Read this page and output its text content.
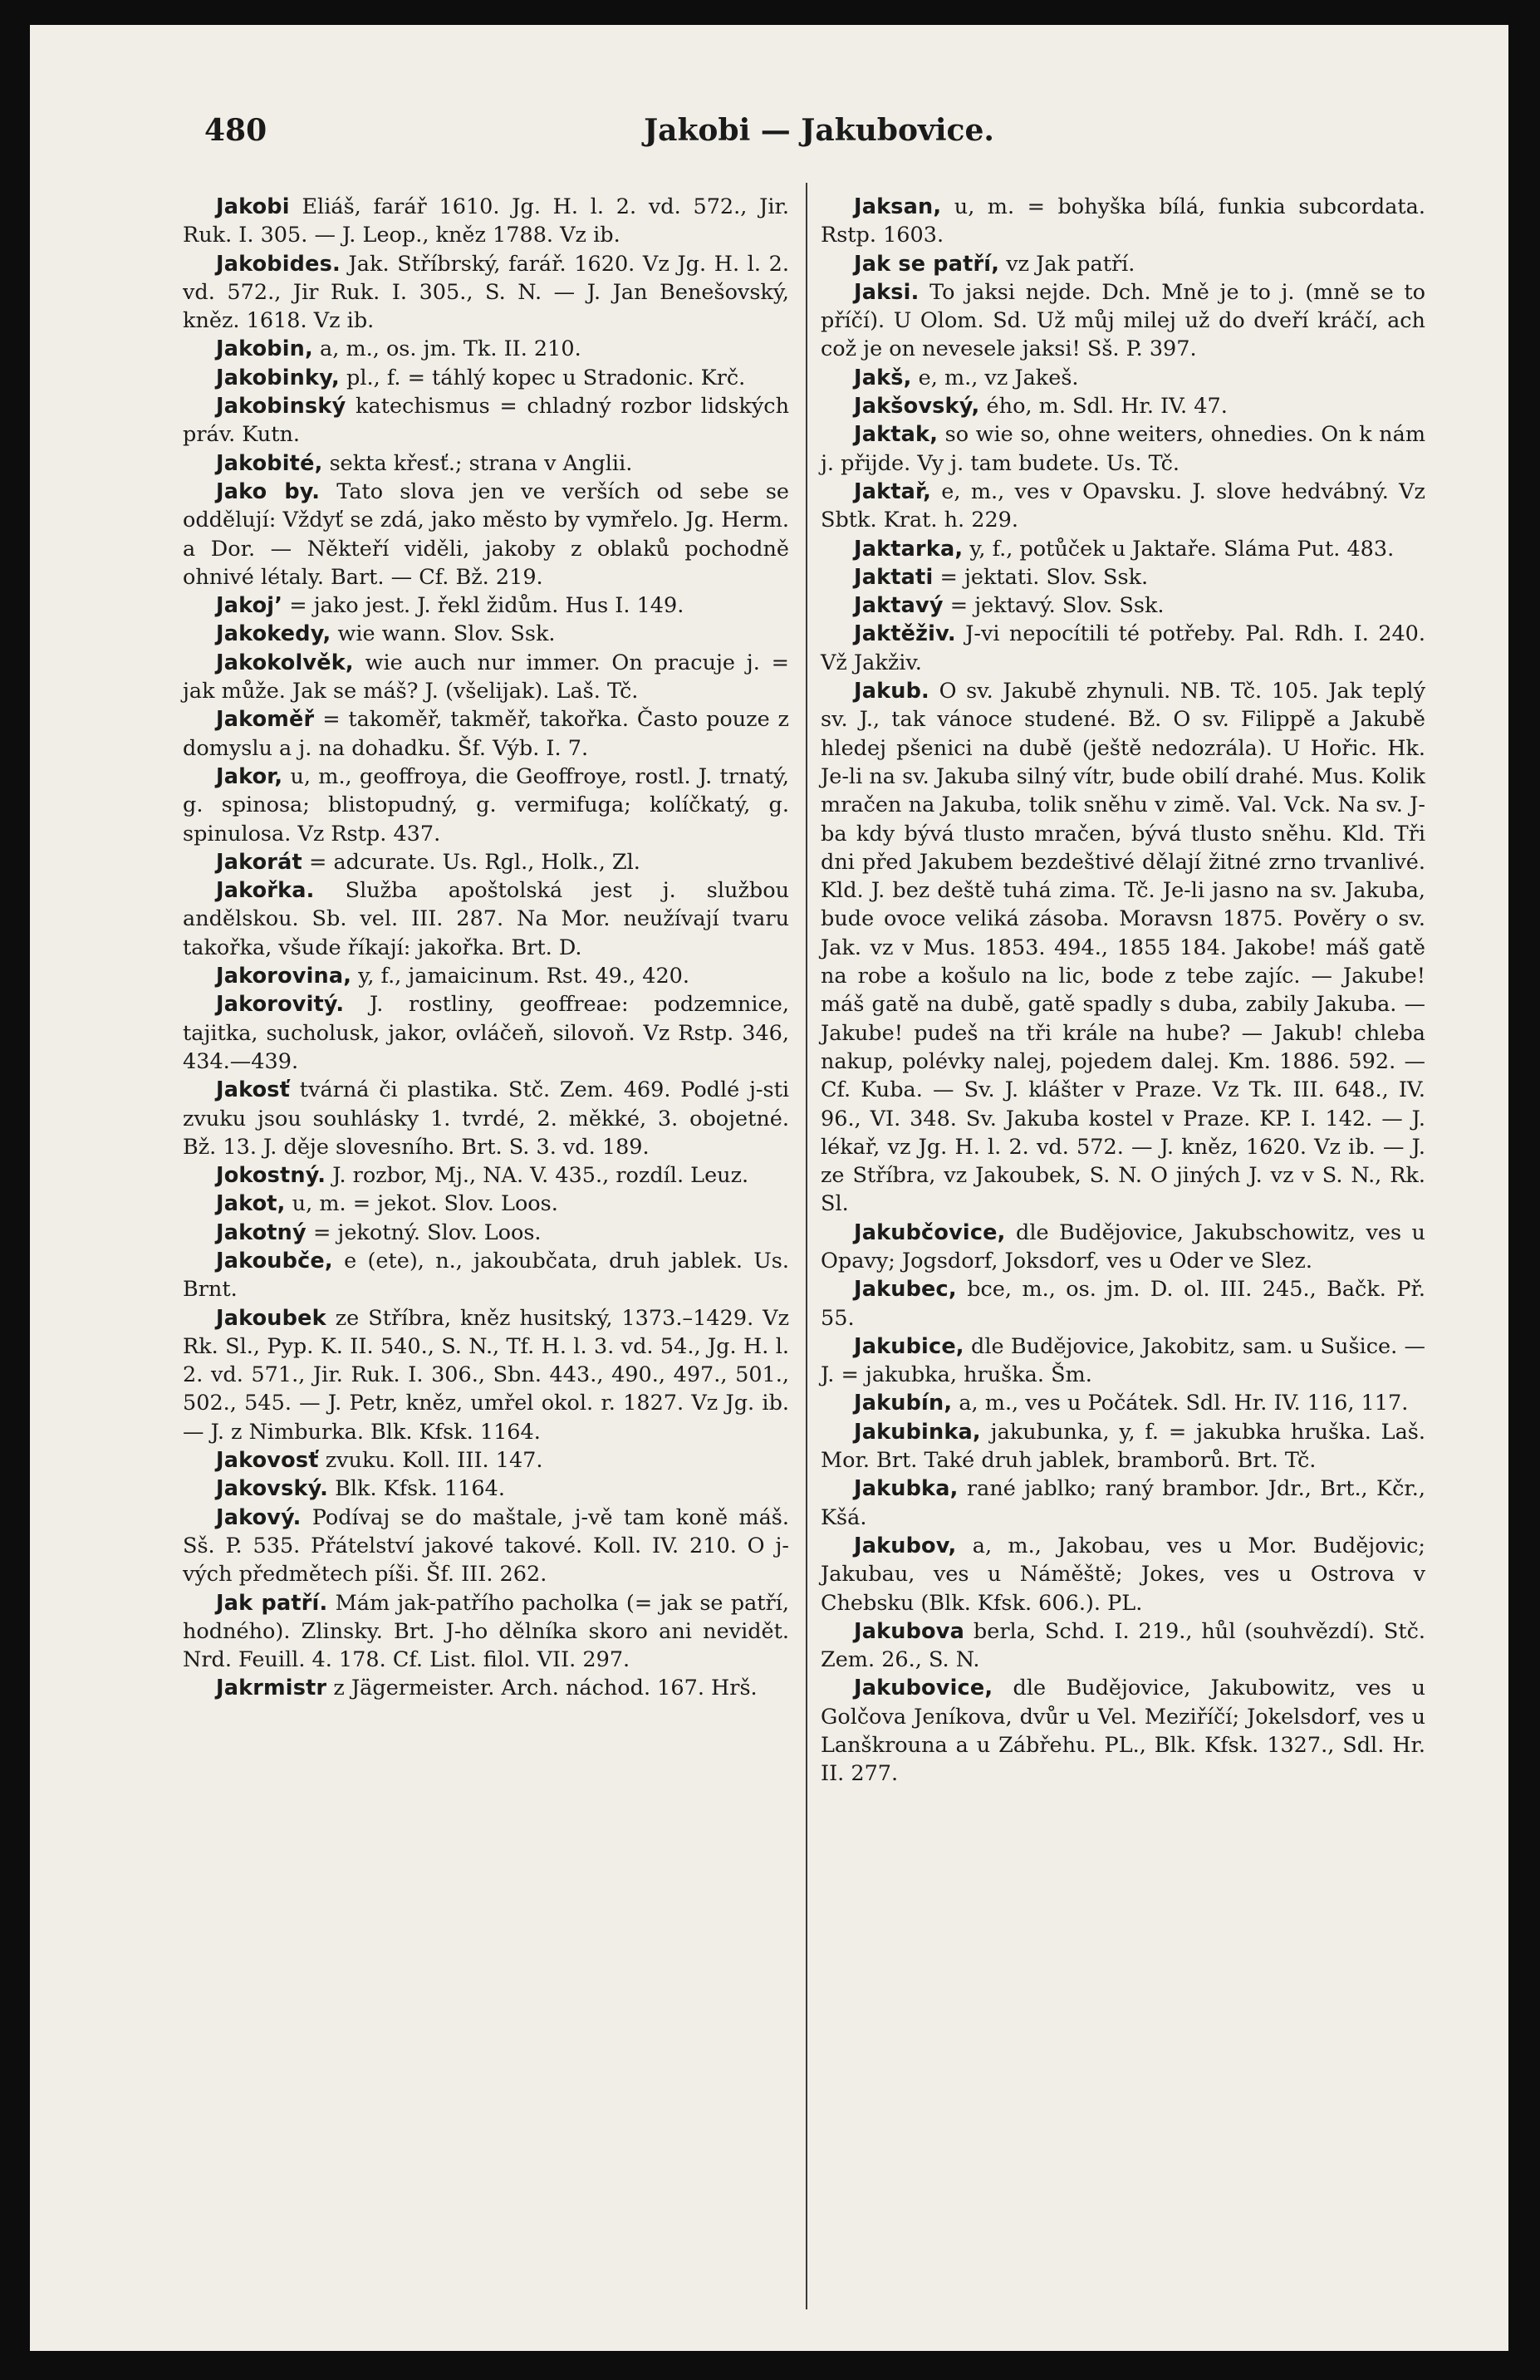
480	Jakobi — Jakubovice.

Jakobi Eliáš, farář 1610. Jg. H. l. 2. vd. 572., Jir. Ruk. I. 305. — J. Leop., kněz 1788. Vz ib.

Jakobides. Jak. Stříbrský, farář. 1620. Vz Jg. H. l. 2. vd. 572., Jir Ruk. I. 305., S. N. — J. Jan Benešovský, kněz. 1618. Vz ib.

Jakobin, a, m., os. jm. Tk. II. 210.

Jakobinky, pl., f. = táhlý kopec u Stradonic. Krč.

Jakobinský katechismus = chladný rozbor lidských práv. Kutn.

Jakobité, sekta křesť.; strana v Anglii.

Jako by. Tato slova jen ve verších od sebe se oddělují: Vždyť se zdá, jako město by vymřelo. Jg. Herm. a Dor. — Někteří viděli, jakoby z oblaků pochodně ohnivé létaly. Bart. — Cf. Bž. 219.

Jakoj’ = jako jest. J. řekl židům. Hus I. 149.

Jakokedy, wie wann. Slov. Ssk.

Jakokolvěk, wie auch nur immer. On pracuje j. = jak může. Jak se máš? J. (všelijak). Laš. Tč.

Jakoměř = takoměř, takměř, takořka. Často pouze z domyslu a j. na dohadku. Šf. Výb. I. 7.

Jakor, u, m., geoffroya, die Geoffroye, rostl. J. trnatý, g. spinosa; blistopudný, g. vermifuga; kolíčkatý, g. spinulosa. Vz Rstp. 437.

Jakorát = adcurate. Us. Rgl., Holk., Zl.

Jakořka. Služba apoštolská jest j. službou andělskou. Sb. vel. III. 287. Na Mor. neužívají tvaru takořka, všude říkají: jakořka. Brt. D.

Jakorovina, y, f., jamaicinum. Rst. 49., 420.

Jakorovitý. J. rostliny, geoffreae: podzemnice, tajitka, sucholusk, jakor, ovláčeň, silovoň. Vz Rstp. 346, 434.—439.

Jakosť tvárná či plastika. Stč. Zem. 469. Podlé j-sti zvuku jsou souhlásky 1. tvrdé, 2. měkké, 3. obojetné. Bž. 13. J. děje slovesního. Brt. S. 3. vd. 189.

Jokostný. J. rozbor, Mj., NA. V. 435., rozdíl. Leuz.

Jakot, u, m. = jekot. Slov. Loos.

Jakotný = jekotný. Slov. Loos.

Jakoubče, e (ete), n., jakoubčata, druh jablek. Us. Brnt.

Jakoubek ze Stříbra, kněz husitský, 1373.–1429. Vz Rk. Sl., Pyp. K. II. 540., S. N., Tf. H. l. 3. vd. 54., Jg. H. l. 2. vd. 571., Jir. Ruk. I. 306., Sbn. 443., 490., 497., 501., 502., 545. — J. Petr, kněz, umřel okol. r. 1827. Vz Jg. ib. — J. z Nimburka. Blk. Kfsk. 1164.

Jakovosť zvuku. Koll. III. 147.

Jakovský. Blk. Kfsk. 1164.

Jakový. Podívaj se do maštale, j-vě tam koně máš. Sš. P. 535. Přátelství jakové takové. Koll. IV. 210. O j-vých předmětech píši. Šf. III. 262.

Jak patří. Mám jak-patřího pacholka (= jak se patří, hodného). Zlinsky. Brt. J-ho dělníka skoro ani nevidět. Nrd. Feuill. 4. 178. Cf. List. filol. VII. 297.

Jakrmistr z Jägermeister. Arch. náchod. 167. Hrš.

Jaksan, u, m. = bohyška bílá, funkia subcordata. Rstp. 1603.

Jak se patří, vz Jak patří.

Jaksi. To jaksi nejde. Dch. Mně je to j. (mně se to příčí). U Olom. Sd. Už můj milej už do dveří kráčí, ach což je on nevesele jaksi! Sš. P. 397.

Jakš, e, m., vz Jakeš.

Jakšovský, ého, m. Sdl. Hr. IV. 47.

Jaktak, so wie so, ohne weiters, ohnedies. On k nám j. přijde. Vy j. tam budete. Us. Tč.

Jaktař, e, m., ves v Opavsku. J. slove hedvábný. Vz Sbtk. Krat. h. 229.

Jaktarka, y, f., potůček u Jaktaře. Sláma Put. 483.

Jaktati = jektati. Slov. Ssk.

Jaktavý = jektavý. Slov. Ssk.

Jaktěživ. J-vi nepocítili té potřeby. Pal. Rdh. I. 240. Vž Jakživ.

Jakub. O sv. Jakubě zhynuli. NB. Tč. 105. Jak teplý sv. J., tak vánoce studené. Bž. O sv. Filippě a Jakubě hledej pšenici na dubě (ještě nedozrála). U Hořic. Hk. Je-li na sv. Jakuba silný vítr, bude obilí drahé. Mus. Kolik mračen na Jakuba, tolik sněhu v zimě. Val. Vck. Na sv. J-ba kdy bývá tlusto mračen, bývá tlusto sněhu. Kld. Tři dni před Jakubem bezdeštivé dělají žitné zrno trvanlivé. Kld. J. bez deště tuhá zima. Tč. Je-li jasno na sv. Jakuba, bude ovoce veliká zásoba. Moravsn 1875. Pověry o sv. Jak. vz v Mus. 1853. 494., 1855 184. Jakobe! máš gatě na robe a košulo na lic, bode z tebe zajíc. — Jakube! máš gatě na dubě, gatě spadly s duba, zabily Jakuba. — Jakube! pudeš na tři krále na hube? — Jakub! chleba nakup, polévky nalej, pojedem dalej. Km. 1886. 592. — Cf. Kuba. — Sv. J. klášter v Praze. Vz Tk. III. 648., IV. 96., VI. 348. Sv. Jakuba kostel v Praze. KP. I. 142. — J. lékař, vz Jg. H. l. 2. vd. 572. — J. kněz, 1620. Vz ib. — J. ze Stříbra, vz Jakoubek, S. N. O jiných J. vz v S. N., Rk. Sl.

Jakubčovice, dle Budějovice, Jakubschowitz, ves u Opavy; Jogsdorf, Joksdorf, ves u Oder ve Slez.

Jakubec, bce, m., os. jm. D. ol. III. 245., Bačk. Př. 55.

Jakubice, dle Budějovice, Jakobitz, sam. u Sušice. — J. = jakubka, hruška. Šm.

Jakubín, a, m., ves u Počátek. Sdl. Hr. IV. 116, 117.

Jakubinka, jakubunka, y, f. = jakubka hruška. Laš. Mor. Brt. Také druh jablek, bramborů. Brt. Tč.

Jakubka, rané jablko; raný brambor. Jdr., Brt., Kčr., Kšá.

Jakubov, a, m., Jakobau, ves u Mor. Budějovic; Jakubau, ves u Náměště; Jokes, ves u Ostrova v Chebsku (Blk. Kfsk. 606.). PL.

Jakubova berla, Schd. I. 219., hůl (souhvězdí). Stč. Zem. 26., S. N.

Jakubovice, dle Budějovice, Jakubowitz, ves u Golčova Jeníkova, dvůr u Vel. Meziříčí; Jokelsdorf, ves u Lanškrouna a u Zábřehu. PL., Blk. Kfsk. 1327., Sdl. Hr. II. 277.
